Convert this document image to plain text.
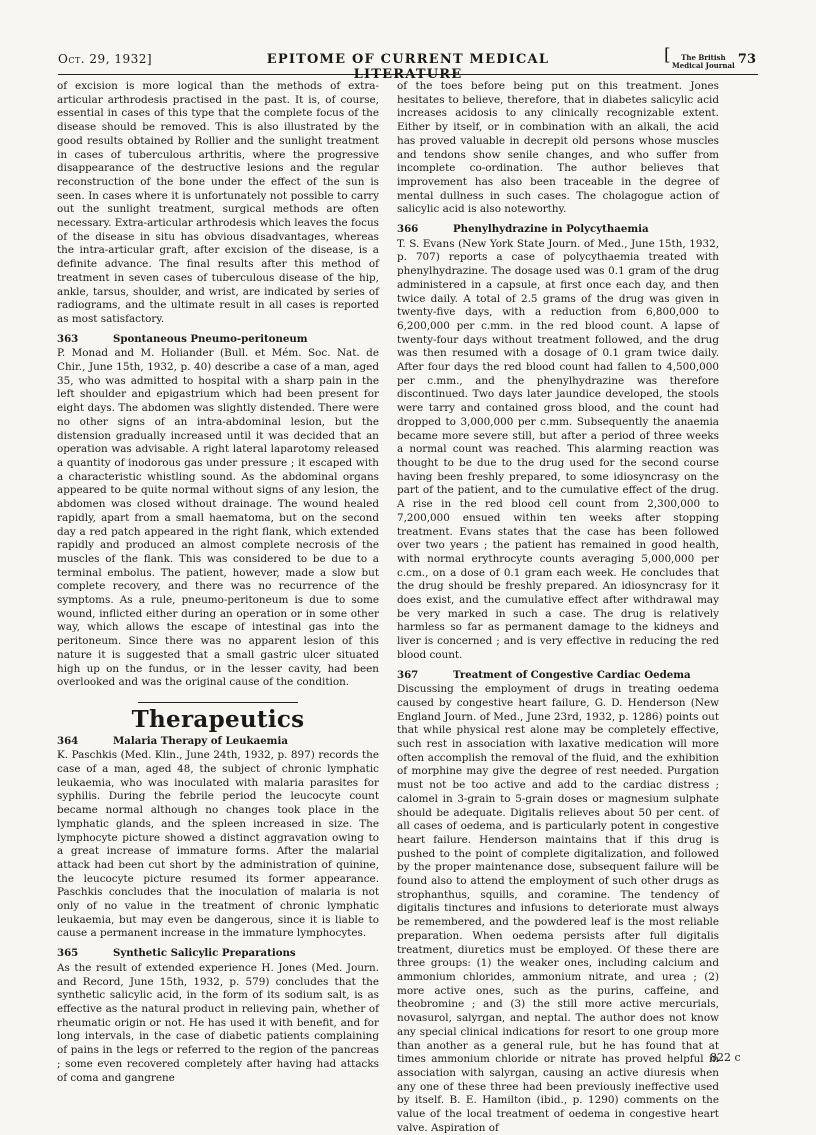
Oct. 29, 1932]	EPITOME OF CURRENT MEDICAL LITERATURE
[ The British
Medical Journal 73

of excision is more logical than the methods of extra-articular arthrodesis practised in the past. It is, of course, essential in cases of this type that the complete focus of the disease should be removed. This is also illustrated by the good results obtained by Rollier and the sunlight treatment in cases of tuberculous arthritis, where the progressive disappearance of the destructive lesions and the regular reconstruction of the bone under the effect of the sun is seen. In cases where it is unfortunately not possible to carry out the sunlight treatment, surgical methods are often necessary. Extra-articular arthrodesis which leaves the focus of the disease in situ has obvious disadvantages, whereas the intra-articular graft, after excision of the disease, is a definite advance. The final results after this method of treatment in seven cases of tuberculous disease of the hip, ankle, tarsus, shoulder, and wrist, are indicated by series of radiograms, and the ultimate result in all cases is reported as most satisfactory.

363	Spontaneous Pneumo-peritoneum

P. Monad and M. Holiander (Bull. et Mém. Soc. Nat. de Chir., June 15th, 1932, p. 40) describe a case of a man, aged 35, who was admitted to hospital with a sharp pain in the left shoulder and epigastrium which had been present for eight days. The abdomen was slightly distended. There were no other signs of an intra-abdominal lesion, but the distension gradually increased until it was decided that an operation was advisable. A right lateral laparotomy released a quantity of inodorous gas under pressure ; it escaped with a characteristic whistling sound. As the abdominal organs appeared to be quite normal without signs of any lesion, the abdomen was closed without drainage. The wound healed rapidly, apart from a small haematoma, but on the second day a red patch appeared in the right flank, which extended rapidly and produced an almost complete necrosis of the muscles of the flank. This was considered to be due to a terminal embolus. The patient, however, made a slow but complete recovery, and there was no recurrence of the symptoms. As a rule, pneumo-peritoneum is due to some wound, inflicted either during an operation or in some other way, which allows the escape of intestinal gas into the peritoneum. Since there was no apparent lesion of this nature it is suggested that a small gastric ulcer situated high up on the fundus, or in the lesser cavity, had been overlooked and was the original cause of the condition.

Therapeutics
364	Malaria Therapy of Leukaemia

K. Paschkis (Med. Klin., June 24th, 1932, p. 897) records the case of a man, aged 48, the subject of chronic lymphatic leukaemia, who was inoculated with malaria parasites for syphilis. During the febrile period the leucocyte count became normal although no changes took place in the lymphatic glands, and the spleen increased in size. The lymphocyte picture showed a distinct aggravation owing to a great increase of immature forms. After the malarial attack had been cut short by the administration of quinine, the leucocyte picture resumed its former appearance. Paschkis concludes that the inoculation of malaria is not only of no value in the treatment of chronic lymphatic leukaemia, but may even be dangerous, since it is liable to cause a permanent increase in the immature lymphocytes.

365	Synthetic Salicylic Preparations

As the result of extended experience H. Jones (Med. Journ. and Record, June 15th, 1932, p. 579) concludes that the synthetic salicylic acid, in the form of its sodium salt, is as effective as the natural product in relieving pain, whether of rheumatic origin or not. He has used it with benefit, and for long intervals, in the case of diabetic patients complaining of pains in the legs or referred to the region of the pancreas ; some even recovered completely after having had attacks of coma and gangrene

of the toes before being put on this treatment. Jones hesitates to believe, therefore, that in diabetes salicylic acid increases acidosis to any clinically recognizable extent. Either by itself, or in combination with an alkali, the acid has proved valuable in decrepit old persons whose muscles and tendons show senile changes, and who suffer from incomplete co-ordination. The author believes that improvement has also been traceable in the degree of mental dullness in such cases. The cholagogue action of salicylic acid is also noteworthy.

366	Phenylhydrazine in Polycythaemia

T. S. Evans (New York State Journ. of Med., June 15th, 1932, p. 707) reports a case of polycythaemia treated with phenylhydrazine. The dosage used was 0.1 gram of the drug administered in a capsule, at first once each day, and then twice daily. A total of 2.5 grams of the drug was given in twenty-five days, with a reduction from 6,800,000 to 6,200,000 per c.mm. in the red blood count. A lapse of twenty-four days without treatment followed, and the drug was then resumed with a dosage of 0.1 gram twice daily. After four days the red blood count had fallen to 4,500,000 per c.mm., and the phenylhydrazine was therefore discontinued. Two days later jaundice developed, the stools were tarry and contained gross blood, and the count had dropped to 3,000,000 per c.mm. Subsequently the anaemia became more severe still, but after a period of three weeks a normal count was reached. This alarming reaction was thought to be due to the drug used for the second course having been freshly prepared, to some idiosyncrasy on the part of the patient, and to the cumulative effect of the drug. A rise in the red blood cell count from 2,300,000 to 7,200,000 ensued within ten weeks after stopping treatment. Evans states that the case has been followed over two years ; the patient has remained in good health, with normal erythrocyte counts averaging 5,000,000 per c.cm., on a dose of 0.1 gram each week. He concludes that the drug should be freshly prepared. An idiosyncrasy for it does exist, and the cumulative effect after withdrawal may be very marked in such a case. The drug is relatively harmless so far as permanent damage to the kidneys and liver is concerned ; and is very effective in reducing the red blood count.

367	Treatment of Congestive Cardiac Oedema

Discussing the employment of drugs in treating oedema caused by congestive heart failure, G. D. Henderson (New England Journ. of Med., June 23rd, 1932, p. 1286) points out that while physical rest alone may be completely effective, such rest in association with laxative medication will more often accomplish the removal of the fluid, and the exhibition of morphine may give the degree of rest needed. Purgation must not be too active and add to the cardiac distress ; calomel in 3-grain to 5-grain doses or magnesium sulphate should be adequate. Digitalis relieves about 50 per cent. of all cases of oedema, and is particularly potent in congestive heart failure. Henderson maintains that if this drug is pushed to the point of complete digitalization, and followed by the proper maintenance dose, subsequent failure will be found also to attend the employment of such other drugs as strophanthus, squills, and coramine. The tendency of digitalis tinctures and infusions to deteriorate must always be remembered, and the powdered leaf is the most reliable preparation. When oedema persists after full digitalis treatment, diuretics must be employed. Of these there are three groups: (1) the weaker ones, including calcium and ammonium chlorides, ammonium nitrate, and urea ; (2) more active ones, such as the purins, caffeine, and theobromine ; and (3) the still more active mercurials, novasurol, salyrgan, and neptal. The author does not know any special clinical indications for resort to one group more than another as a general rule, but he has found that at times ammonium chloride or nitrate has proved helpful in association with salyrgan, causing an active diuresis when any one of these three had been previously ineffective used by itself. B. E. Hamilton (ibid., p. 1290) comments on the value of the local treatment of oedema in congestive heart valve. Aspiration of

822 c
